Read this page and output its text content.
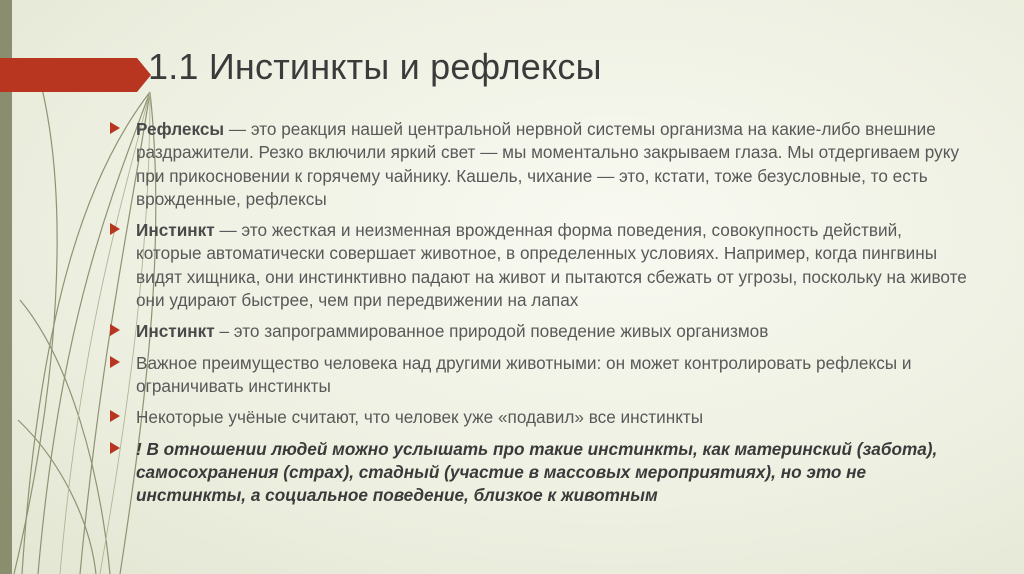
1.1 Инстинкты и рефлексы
Рефлексы — это реакция нашей центральной нервной системы организма на какие-либо внешние раздражители. Резко включили яркий свет — мы моментально закрываем глаза. Мы отдергиваем руку при прикосновении к горячему чайнику. Кашель, чихание — это, кстати, тоже безусловные, то есть врожденные, рефлексы
Инстинкт — это жесткая и неизменная врожденная форма поведения, совокупность действий, которые автоматически совершает животное, в определенных условиях. Например, когда пингвины видят хищника, они инстинктивно падают на живот и пытаются сбежать от угрозы, поскольку на животе они удирают быстрее, чем при передвижении на лапах
Инстинкт – это запрограммированное природой поведение живых организмов
Важное преимущество человека над другими животными: он может контролировать рефлексы и ограничивать инстинкты
Некоторые учёные считают, что человек уже «подавил» все инстинкты
! В отношении людей можно услышать про такие инстинкты, как материнский (забота), самосохранения (страх), стадный (участие в массовых мероприятиях), но это не инстинкты, а социальное поведение, близкое к животным
